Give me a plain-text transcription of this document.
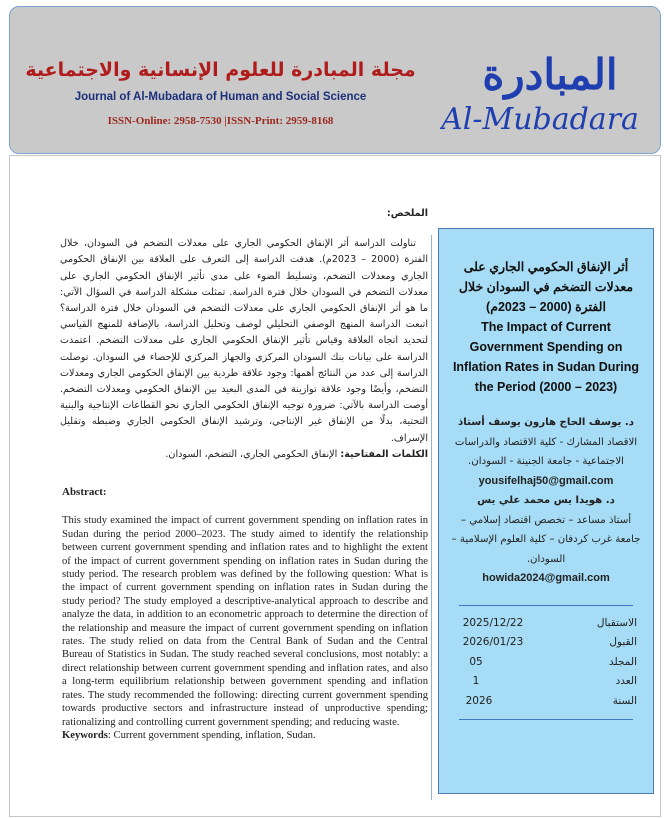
مجلة المبادرة للعلوم الإنسانية والاجتماعية
Journal of Al-Mubadara of Human and Social Science
ISSN-Online: 2958-7530 |ISSN-Print: 2959-8168
المبادرة
Al-Mubadara
الملخص:
تناولت الدراسة أثر الإنفاق الحكومي الجاري على معدلات التضخم في السودان، خلال الفترة (2000 – 2023م). هدفت الدراسة إلى التعرف على العلاقة بين الإنفاق الحكومي الجاري ومعدلات التضخم، وتسليط الضوء على مدى تأثير الإنفاق الحكومي الجاري على معدلات التضخم في السودان خلال فترة الدراسة. تمثلت مشكلة الدراسة في السؤال الآتي: ما هو أثر الإنفاق الحكومي الجاري على معدلات التضخم في السودان خلال فترة الدراسة؟ اتبعت الدراسة المنهج الوصفي التحليلي لوصف وتحليل الدراسة، بالإضافة للمنهج القياسي لتحديد اتجاه العلاقة وقياس تأثير الإنفاق الحكومي الجاري على معدلات التضخم. اعتمدت الدراسة على بيانات بنك السودان المركزي والجهاز المركزي للإحصاء في السودان. توصلت الدراسة إلى عدد من النتائج أهمها: وجود علاقة طردية بين الإنفاق الحكومي الجاري ومعدلات التضخم، وأيضًا وجود علاقة توازينة في المدى البعيد بين الإنفاق الحكومي ومعدلات التضخم. أوصت الدراسة بالآتي: ضرورة توجيه الإنفاق الحكومي الجاري نحو القطاعات الإنتاجية والبنية التحتية، بدلًا من الإنفاق غير الإنتاجي، وترشيد الإنفاق الحكومي الجاري وضبطه وتقليل الإسراف.
الكلمات المفتاحية: الإنفاق الحكومي الجاري، التضخم، السودان.
Abstract:
This study examined the impact of current government spending on inflation rates in Sudan during the period 2000–2023. The study aimed to identify the relationship between current government spending and inflation rates and to highlight the extent of the impact of current government spending on inflation rates in Sudan during the study period. The research problem was defined by the following question: What is the impact of current government spending on inflation rates in Sudan during the study period? The study employed a descriptive-analytical approach to describe and analyze the data, in addition to an econometric approach to determine the direction of the relationship and measure the impact of current government spending on inflation rates. The study relied on data from the Central Bank of Sudan and the Central Bureau of Statistics in Sudan. The study reached several conclusions, most notably: a direct relationship between current government spending and inflation rates, and also a long-term equilibrium relationship between government spending and inflation rates. The study recommended the following: directing current government spending towards productive sectors and infrastructure instead of unproductive spending; rationalizing and controlling current government spending; and reducing waste.
Keywords: Current government spending, inflation, Sudan.
أثر الإنفاق الحكومي الجاري على معدلات التضخم في السودان خلال الفترة (2000 – 2023م)
The Impact of Current Government Spending on Inflation Rates in Sudan During the Period (2000 – 2023)
د. يوسف الحاج هارون يوسف أستاذ
الاقصاد المشارك - كلية الاقتصاد والدراسات الاجتماعية - جامعة الجنينة - السودان.
yousifelhaj50@gmail.com
د. هويدا يس محمد علي يس
أستاذ مساعد – تخصص اقتصاد إسلامي – جامعة غرب كردفان – كلية العلوم الإسلامية – السودان.
howida2024@gmail.com
2025/12/22	الاستقبال
2026/01/23	القبول
05	المجلد
1	العدد
2026	السنة
